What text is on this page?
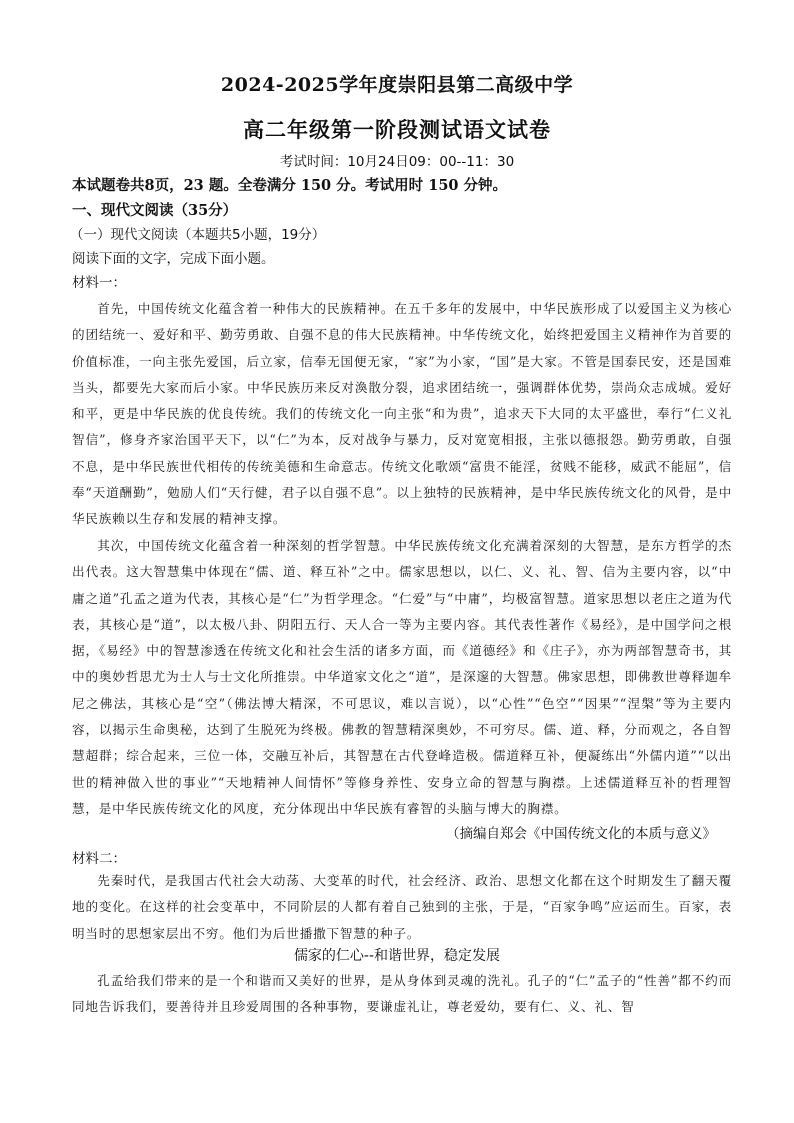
2024-2025学年度崇阳县第二高级中学
高二年级第一阶段测试语文试卷
考试时间：10月24日09：00--11：30
本试题卷共8页，23 题。全卷满分 150 分。考试用时 150 分钟。
一、现代文阅读（35分）
（一）现代文阅读（本题共5小题，19分）
阅读下面的文字，完成下面小题。
材料一：
首先，中国传统文化蕴含着一种伟大的民族精神。在五千多年的发展中，中华民族形成了以爱国主义为核心的团结统一、爱好和平、勤劳勇敢、自强不息的伟大民族精神。中华传统文化，始终把爱国主义精神作为首要的价值标准，一向主张先爱国，后立家，信奉无国便无家，“家”为小家，“国”是大家。不管是国泰民安，还是国难当头，都要先大家而后小家。中华民族历来反对渙散分裂，追求团结统一，强调群体优势，崇尚众志成城。爱好和平，更是中华民族的优良传统。我们的传统文化一向主张“和为贵”，追求天下大同的太平盛世，奉行“仁义礼智信”，修身齐家治国平天下，以“仁”为本，反对战争与暴力，反对宽宽相报，主张以德报怨。勤劳勇敢，自强不息，是中华民族世代相传的传统美德和生命意志。传统文化歌颂“富贵不能淫，贫贱不能移，威武不能屈”，信奉“天道酬勤”，勉励人们“天行健，君子以自强不息”。以上独特的民族精神，是中华民族传统文化的风骨，是中华民族赖以生存和发展的精神支撑。
其次，中国传统文化蕴含着一种深刻的哲学智慧。中华民族传统文化充满着深刻的大智慧，是东方哲学的杰出代表。这大智慧集中体现在“儒、道、释互补”之中。儒家思想以，以仁、义、礼、智、信为主要内容，以“中庸之道”孔孟之道为代表，其核心是“仁”为哲学理念。“仁爱”与“中庸”，均极富智慧。道家思想以老庄之道为代表，其核心是“道”，以太极八卦、阴阳五行、天人合一等为主要内容。其代表性著作《易经》，是中国学问之根据，《易经》中的智慧渗透在传统文化和社会生活的诸多方面，而《道德经》和《庄子》，亦为两部智慧奇书，其中的奥妙哲思尤为士人与士文化所推崇。中华道家文化之“道”，是深邃的大智慧。佛家思想，即佛教世尊释迦牟尼之佛法，其核心是“空”（佛法博大精深，不可思议，难以言说），以“心性”“色空”“因果”“涅槃”等为主要内容，以揭示生命奥秘，达到了生脱死为终极。佛教的智慧精深奥妙，不可穷尽。儒、道、释，分而观之，各自智慧超群；综合起来，三位一体，交融互补后，其智慧在古代登峰造极。儒道释互补，便凝练出“外儒内道”“以出世的精神做入世的事业”“天地精神人间情怀”等修身养性、安身立命的智慧与胸襟。上述儒道释互补的哲理智慧，是中华民族传统文化的风度，充分体现出中华民族有睿智的头脑与博大的胸襟。
（摘编自郑会《中国传统文化的本质与意义》
材料二：
先秦时代，是我国古代社会大动荡、大变革的时代，社会经济、政治、思想文化都在这个时期发生了翻天覆地的变化。在这样的社会变革中，不同阶层的人都有着自己独到的主张，于是，“百家争鸣”应运而生。百家，表明当时的思想家层出不穷。他们为后世播撒下智慧的种子。
儒家的仁心--和谐世界，稳定发展
孔孟给我们带来的是一个和谐而又美好的世界，是从身体到灵魂的洗礼。孔子的“仁”孟子的“性善”都不约而同地告诉我们，要善待并且珍爱周围的各种事物，要谦虚礼让，尊老爱幼，要有仁、义、礼、智
